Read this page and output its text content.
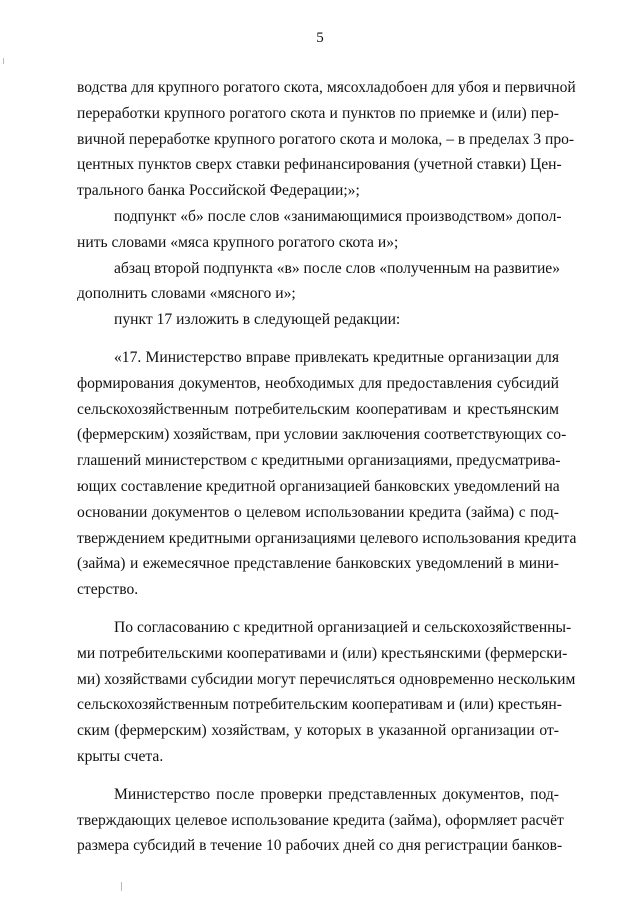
5
водства для крупного рогатого скота, мясохладобоен для убоя и первичной
переработки крупного рогатого скота и пунктов по приемке и (или) пер-
вичной переработке крупного рогатого скота и молока, – в пределах 3 про-
центных пунктов сверх ставки рефинансирования (учетной ставки) Цен-
трального банка Российской Федерации;»;
подпункт «б» после слов «занимающимися производством» допол-
нить словами «мяса крупного рогатого скота и»;
абзац второй подпункта «в» после слов «полученным на развитие»
дополнить словами «мясного и»;
пункт 17 изложить в следующей редакции:
«17. Министерство вправе привлекать кредитные организации для
формирования документов, необходимых для предоставления субсидий
сельскохозяйственным потребительским кооперативам и крестьянским
(фермерским) хозяйствам, при условии заключения соответствующих со-
глашений министерством с кредитными организациями, предусматрива-
ющих составление кредитной организацией банковских уведомлений на
основании документов о целевом использовании кредита (займа) с под-
тверждением кредитными организациями целевого использования кредита
(займа) и ежемесячное представление банковских уведомлений в мини-
стерство.
По согласованию с кредитной организацией и сельскохозяйственны-
ми потребительскими кооперативами и (или) крестьянскими (фермерски-
ми) хозяйствами субсидии могут перечисляться одновременно нескольким
сельскохозяйственным потребительским кооперативам и (или) крестьян-
ским (фермерским) хозяйствам, у которых в указанной организации от-
крыты счета.
Министерство после проверки представленных документов, под-
тверждающих целевое использование кредита (займа), оформляет расчёт
размера субсидий в течение 10 рабочих дней со дня регистрации банков-
